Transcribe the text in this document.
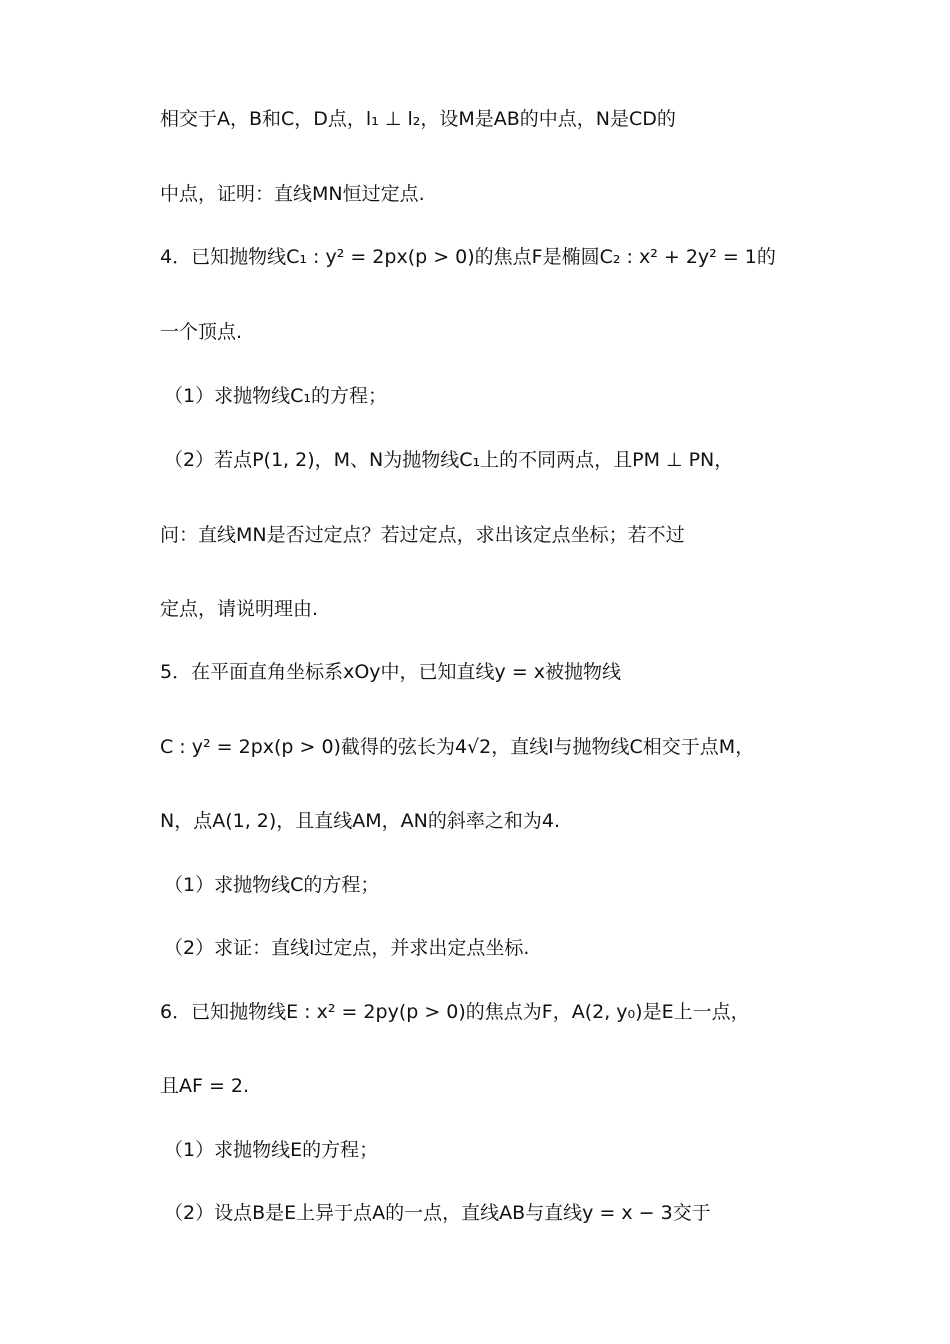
相交于A，B和C，D点，l₁ ⊥ l₂，设M是AB的中点，N是CD的

中点，证明：直线MN恒过定点.

4．已知抛物线C₁ : y² = 2px(p > 0)的焦点F是椭圆C₂ : x² + 2y² = 1的

一个顶点.

（1）求抛物线C₁的方程；

（2）若点P(1, 2)，M、N为抛物线C₁上的不同两点，且PM ⊥ PN，

问：直线MN是否过定点？若过定点，求出该定点坐标；若不过

定点，请说明理由.

5．在平面直角坐标系xOy中，已知直线y = x被抛物线

C : y² = 2px(p > 0)截得的弦长为4√2，直线l与抛物线C相交于点M，

N，点A(1, 2)，且直线AM，AN的斜率之和为4.

（1）求抛物线C的方程；

（2）求证：直线l过定点，并求出定点坐标.

6．已知抛物线E : x² = 2py(p > 0)的焦点为F，A(2, y₀)是E上一点，

且AF = 2.

（1）求抛物线E的方程；

（2）设点B是E上异于点A的一点，直线AB与直线y = x − 3交于
